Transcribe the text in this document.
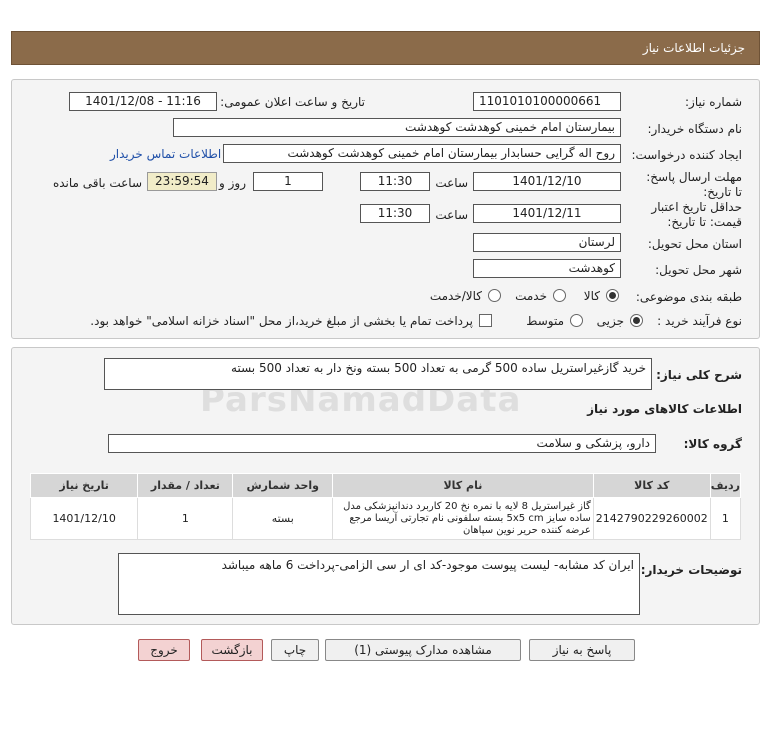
جزئیات اطلاعات نیاز
شماره نیاز:
1101010100000661
تاریخ و ساعت اعلان عمومی:
1401/12/08 - 11:16
نام دستگاه خریدار:
بیمارستان امام خمینی کوهدشت کوهدشت
ایجاد کننده درخواست:
روح اله گرایی حسابدار بیمارستان امام خمینی کوهدشت کوهدشت
اطلاعات تماس خریدار
مهلت ارسال پاسخ: تا تاریخ:
1401/12/10
ساعت
11:30
1
روز و
23:59:54
ساعت باقی مانده
حداقل تاریخ اعتبار قیمت: تا تاریخ:
1401/12/11
ساعت
11:30
استان محل تحویل:
لرستان
شهر محل تحویل:
کوهدشت
طبقه بندی موضوعی:
کالا
خدمت
کالا/خدمت
نوع فرآیند خرید :
جزیی
متوسط
پرداخت تمام یا بخشی از مبلغ خرید،از محل "اسناد خزانه اسلامی" خواهد بود.
شرح کلی نیاز:
خرید گازغیراستریل ساده 500 گرمی به تعداد 500 بسته ونخ دار به تعداد 500 بسته
اطلاعات کالاهای مورد نیاز
گروه کالا:
دارو، پزشکی و سلامت
ردیف	کد کالا	نام کالا	واحد شمارش	تعداد / مقدار	تاریخ نیاز
1	2142790229260002	گاز غیراستریل 8 لایه با نمره نخ 20 کاربرد دندانپزشکی مدل ساده سایز 5x5 cm بسته سلفونی نام تجارتی آریسا مرجع عرضه کننده حریر نوین سپاهان	بسته	1	1401/12/10
توضیحات خریدار:
ایران کد مشابه- لیست پیوست موجود-کد ای ار سی الزامی-پرداخت 6 ماهه میباشد
پاسخ به نیاز
مشاهده مدارک پیوستی (1)
چاپ
بازگشت
خروج
